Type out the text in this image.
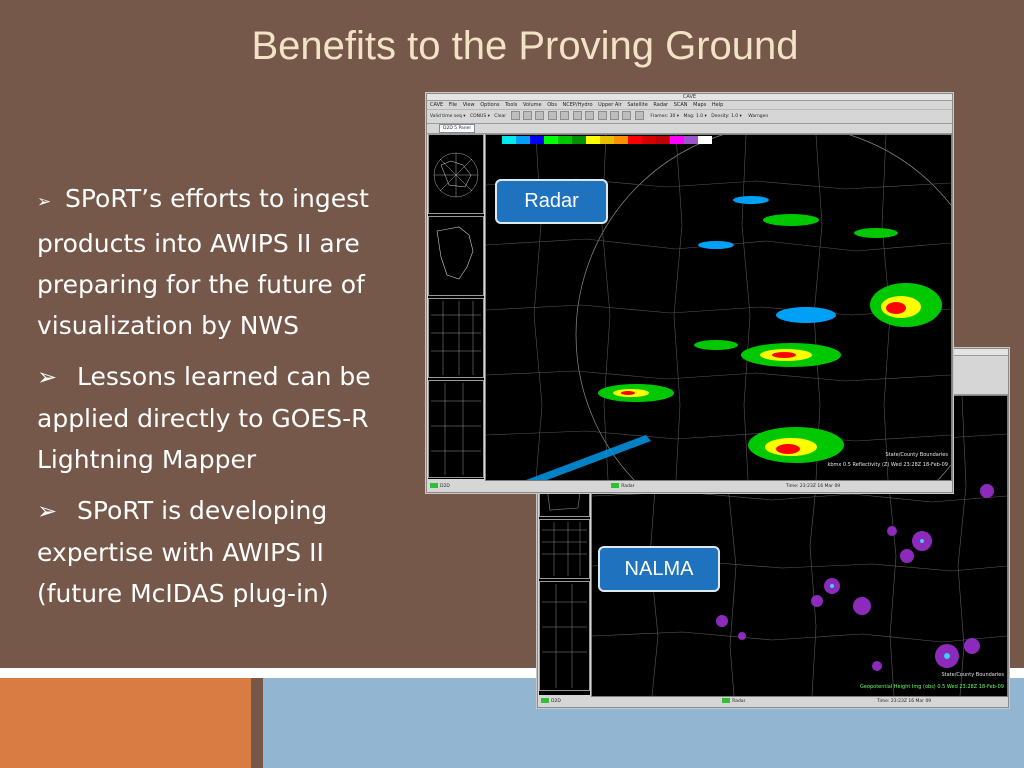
Benefits to the Proving Ground
➢ SPoRT’s efforts to ingest products into AWIPS II are preparing for the future of visualization by NWS
➢ Lessons learned can be applied directly to GOES-R Lightning Mapper
➢ SPoRT is developing expertise with AWIPS II (future McIDAS plug-in)
State/County Boundaries
Geopotential Height Img (obs) 0.5 Wed 23:28Z 18-Feb-09
D2D	Radar	Time: 23:23Z 16 Mar 09
CAVE
CAVE File View Options Tools Volume Obs NCEP/Hydro Upper Air Satellite Radar SCAN Maps Help
Valid time seq ▾ CONUS ▾ Clear	Frames: 30 ▾ Mag: 1.0 ▾ Density: 1.0 ▾ Warngen
D2D 5 Panel
State/County Boundaries
kbmx 0.5 Reflectivity (Z) Wed 23:28Z 18-Feb-09
D2D	Radar	Time: 23:23Z 16 Mar 09
Radar
NALMA
